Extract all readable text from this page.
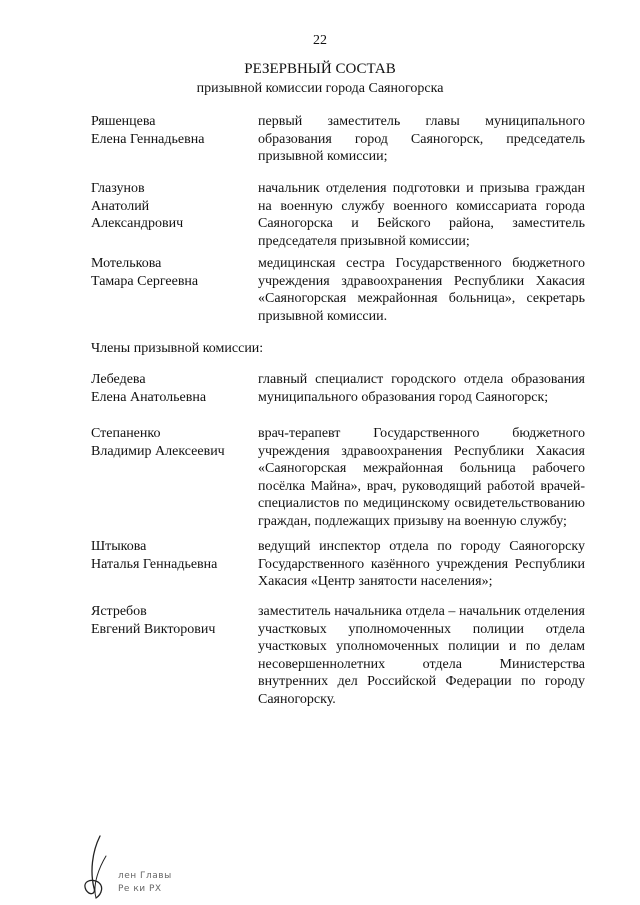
22
РЕЗЕРВНЫЙ СОСТАВ
призывной комиссии города Саяногорска
Ряшенцева
Елена Геннадьевна
первый заместитель главы муниципального образования город Саяногорск, председатель призывной комиссии;
Глазунов
Анатолий
Александрович
начальник отделения подготовки и призыва граждан на военную службу военного комиссариата города Саяногорска и Бейского района, заместитель председателя призывной комиссии;
Мотелькова
Тамара Сергеевна
медицинская сестра Государственного бюджетного учреждения здравоохранения Республики Хакасия «Саяногорская межрайонная больница», секретарь призывной комиссии.
Члены призывной комиссии:
Лебедева
Елена Анатольевна
главный специалист городского отдела образования муниципального образования город Саяногорск;
Степаненко
Владимир Алексеевич
врач-терапевт Государственного бюджетного учреждения здравоохранения Республики Хакасия «Саяногорская межрайонная больница рабочего посёлка Майна», врач, руководящий работой врачей-специалистов по медицинскому освидетельствованию граждан, подлежащих призыву на военную службу;
Штыкова
Наталья Геннадьевна
ведущий инспектор отдела по городу Саяногорску Государственного казённого учреждения Республики Хакасия «Центр занятости населения»;
Ястребов
Евгений Викторович
заместитель начальника отдела – начальник отделения участковых уполномоченных полиции отдела участковых уполномоченных полиции и по делам несовершеннолетних отдела Министерства внутренних дел Российской Федерации по городу Саяногорску.
лен Главы
Ре ки РХ
